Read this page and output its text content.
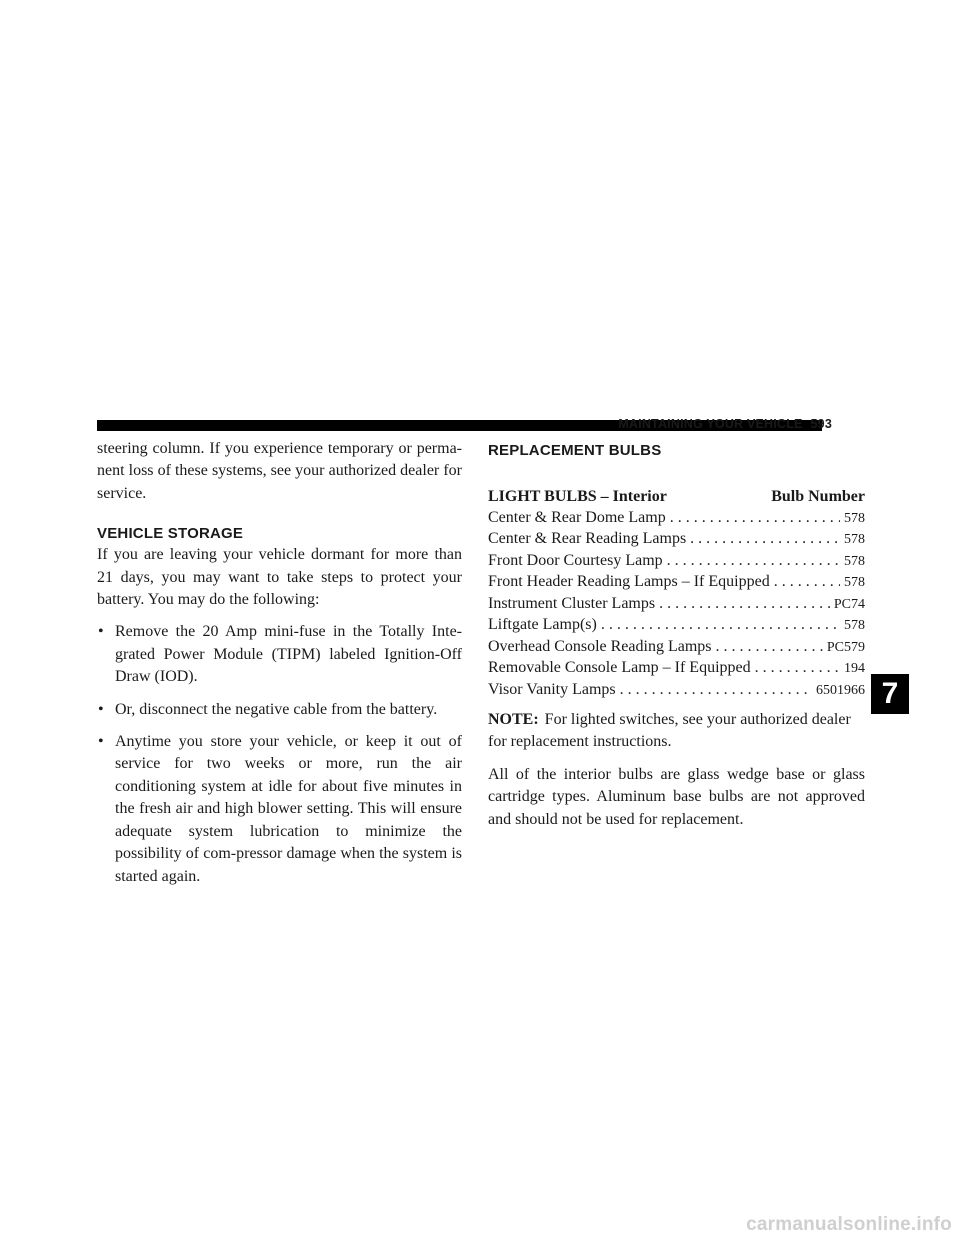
MAINTAINING YOUR VEHICLE 593

steering column. If you experience temporary or perma-nent loss of these systems, see your authorized dealer for service.

VEHICLE STORAGE

If you are leaving your vehicle dormant for more than 21 days, you may want to take steps to protect your battery. You may do the following:

• Remove the 20 Amp mini-fuse in the Totally Inte-grated Power Module (TIPM) labeled Ignition-Off Draw (IOD).

• Or, disconnect the negative cable from the battery.

• Anytime you store your vehicle, or keep it out of service for two weeks or more, run the air conditioning system at idle for about five minutes in the fresh air and high blower setting. This will ensure adequate system lubrication to minimize the possibility of com-pressor damage when the system is started again.

REPLACEMENT BULBS
LIGHT BULBS – Interior	Bulb Number
Center & Rear Dome Lamp . . .	578
Center & Rear Reading Lamps . . .	578
Front Door Courtesy Lamp . . .	578
Front Header Reading Lamps – If Equipped . . .	578
Instrument Cluster Lamps . . .	PC74
Liftgate Lamp(s) . . .	578
Overhead Console Reading Lamps . . .	PC579
Removable Console Lamp – If Equipped . . .	194
Visor Vanity Lamps . . .	6501966

NOTE: For lighted switches, see your authorized dealer for replacement instructions.

All of the interior bulbs are glass wedge base or glass cartridge types. Aluminum base bulbs are not approved and should not be used for replacement.

7
carmanualsonline.info
